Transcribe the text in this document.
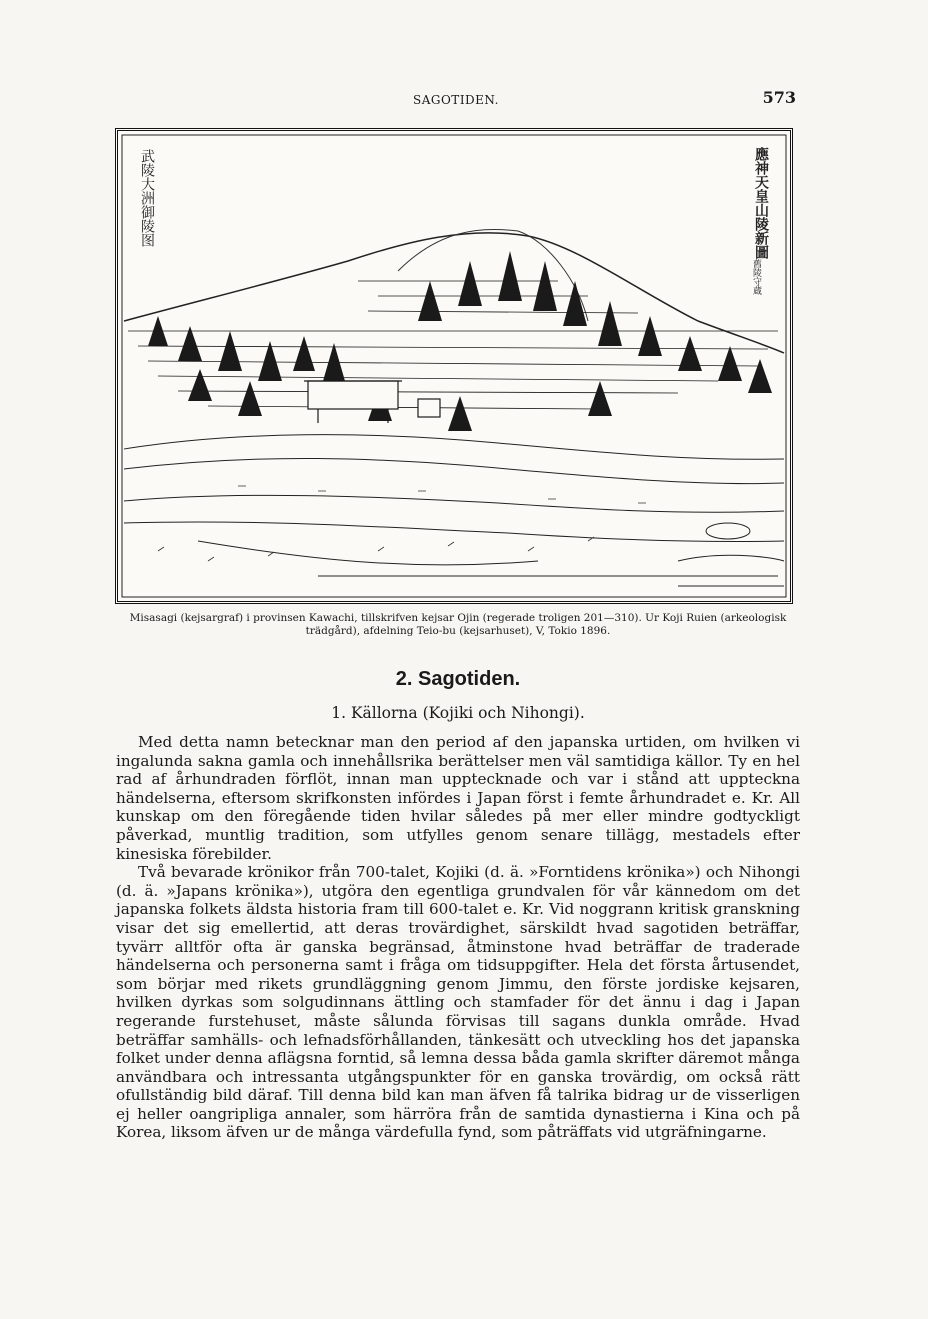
SAGOTIDEN.	573
武陵大洲御陵图	應神天皇山陵新圖
舊陵守蔵
Misasagi (kejsargraf) i provinsen Kawachi, tillskrifven kejsar Ojin (regerade troligen 201—310). Ur Koji Ruien (arkeologisk trädgård), afdelning Teio-bu (kejsarhuset), V, Tokio 1896.
2. Sagotiden.
1. Källorna (Kojiki och Nihongi).

Med detta namn betecknar man den period af den japanska urtiden, om hvilken vi ingalunda sakna gamla och innehållsrika berättelser men väl samtidiga källor. Ty en hel rad af århundraden förflöt, innan man upptecknade och var i stånd att uppteckna händelserna, eftersom skrifkonsten infördes i Japan först i femte århundradet e. Kr. All kunskap om den föregående tiden hvilar således på mer eller mindre godtyckligt påverkad, muntlig tradition, som utfylles genom senare tillägg, mestadels efter kinesiska förebilder.

Två bevarade krönikor från 700-talet, Kojiki (d. ä. »Forntidens krönika») och Nihongi (d. ä. »Japans krönika»), utgöra den egentliga grundvalen för vår kännedom om det japanska folkets äldsta historia fram till 600-talet e. Kr. Vid noggrann kritisk granskning visar det sig emellertid, att deras trovärdighet, särskildt hvad sagotiden beträffar, tyvärr alltför ofta är ganska begränsad, åtminstone hvad beträffar de traderade händelserna och personerna samt i fråga om tidsuppgifter. Hela det första årtusendet, som börjar med rikets grundläggning genom Jimmu, den förste jordiske kejsaren, hvilken dyrkas som solgudinnans ättling och stamfader för det ännu i dag i Japan regerande furstehuset, måste sålunda förvisas till sagans dunkla område. Hvad beträffar samhälls- och lefnadsförhållanden, tänkesätt och utveckling hos det japanska folket under denna aflägsna forntid, så lemna dessa båda gamla skrifter däremot många användbara och intressanta utgångspunkter för en ganska trovärdig, om också rätt ofullständig bild däraf. Till denna bild kan man äfven få talrika bidrag ur de visserligen ej heller oangripliga annaler, som härröra från de samtida dynastierna i Kina och på Korea, liksom äfven ur de många värdefulla fynd, som påträffats vid utgräfningarne.
